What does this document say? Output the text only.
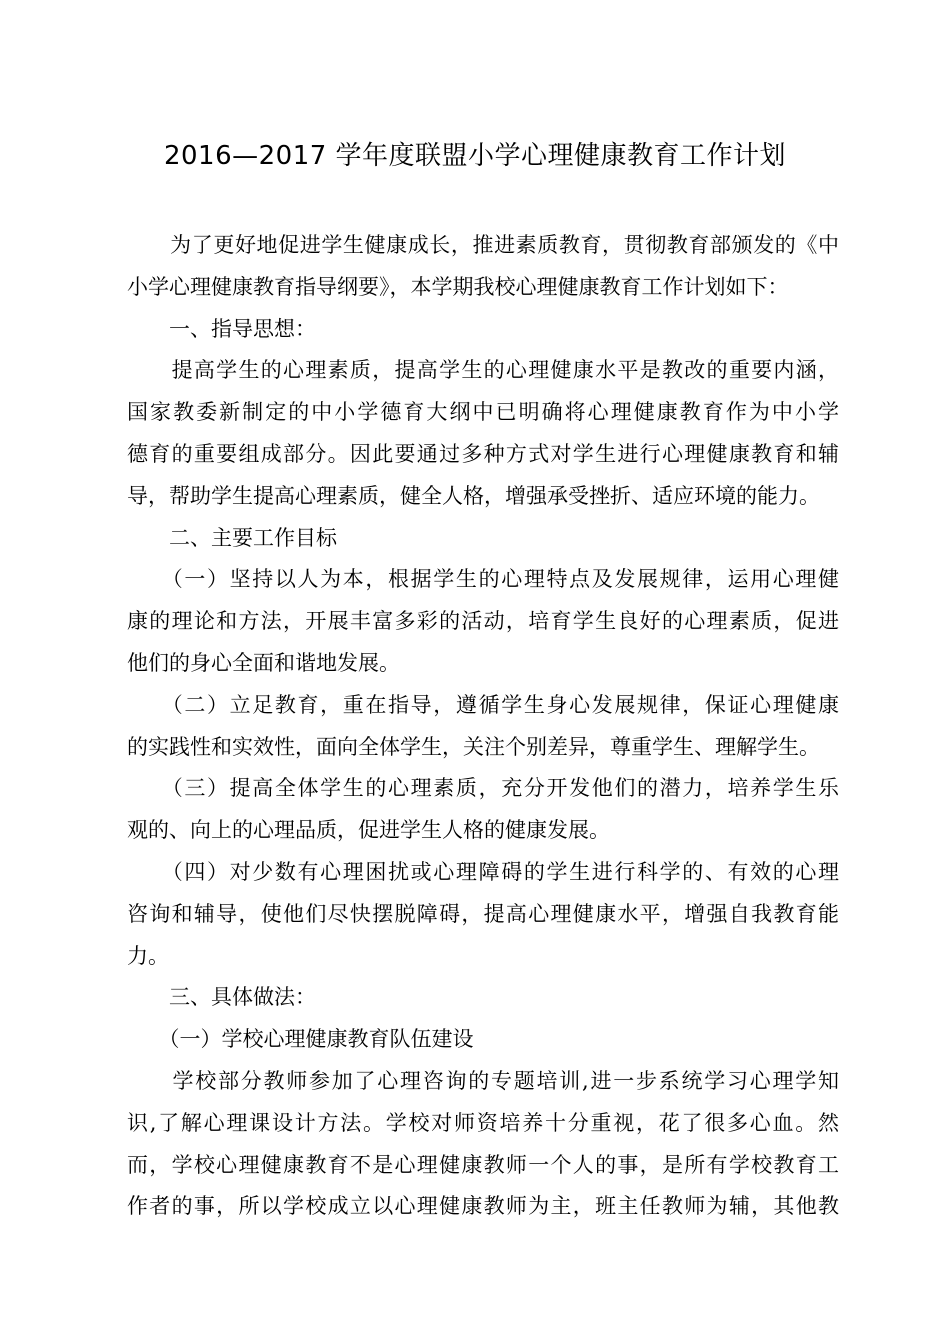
2016—2017 学年度联盟小学心理健康教育工作计划
　　为了更好地促进学生健康成长，推进素质教育，贯彻教育部颁发的《中
小学心理健康教育指导纲要》，本学期我校心理健康教育工作计划如下：
　　一、指导思想：
　　提高学生的心理素质，提高学生的心理健康水平是教改的重要内涵，
国家教委新制定的中小学德育大纲中已明确将心理健康教育作为中小学
德育的重要组成部分。因此要通过多种方式对学生进行心理健康教育和辅
导，帮助学生提高心理素质，健全人格，增强承受挫折、适应环境的能力。
　　二、主要工作目标
　　（一）坚持以人为本，根据学生的心理特点及发展规律，运用心理健
康的理论和方法，开展丰富多彩的活动，培育学生良好的心理素质，促进
他们的身心全面和谐地发展。
　　（二）立足教育，重在指导，遵循学生身心发展规律，保证心理健康
的实践性和实效性，面向全体学生，关注个别差异，尊重学生、理解学生。
　　（三）提高全体学生的心理素质，充分开发他们的潜力，培养学生乐
观的、向上的心理品质，促进学生人格的健康发展。
　　（四）对少数有心理困扰或心理障碍的学生进行科学的、有效的心理
咨询和辅导，使他们尽快摆脱障碍，提高心理健康水平，增强自我教育能
力。
　　三、具体做法：
　　（一）学校心理健康教育队伍建设
　　学校部分教师参加了心理咨询的专题培训,进一步系统学习心理学知
识,了解心理课设计方法。学校对师资培养十分重视，花了很多心血。然
而，学校心理健康教育不是心理健康教师一个人的事，是所有学校教育工
作者的事，所以学校成立以心理健康教师为主，班主任教师为辅，其他教
